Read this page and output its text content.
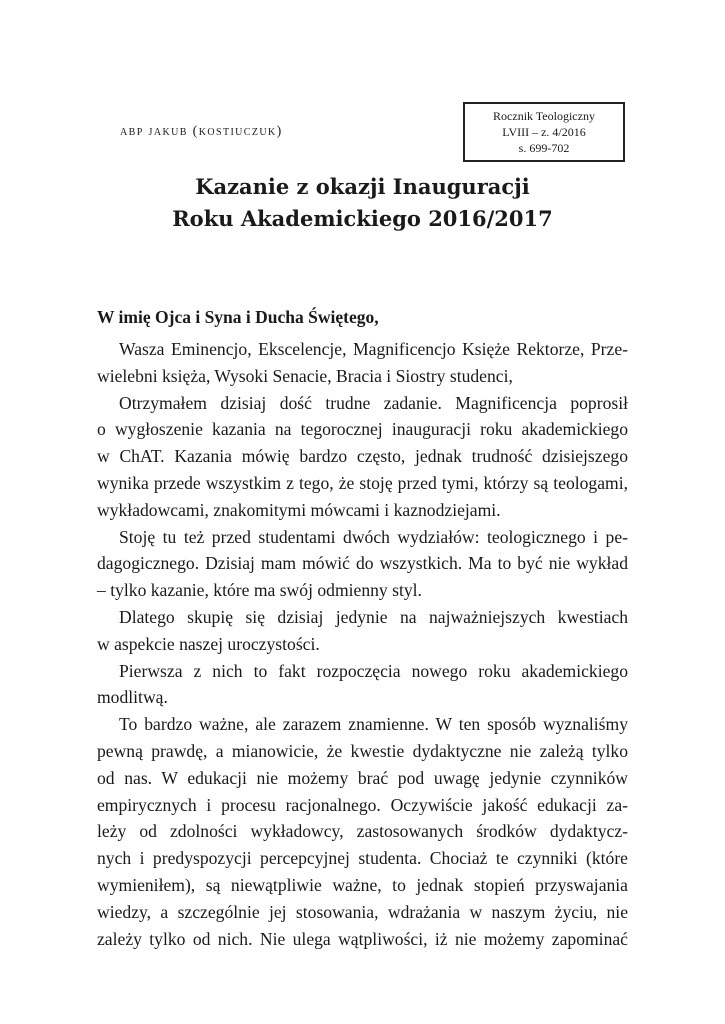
Rocznik Teologiczny
LVIII – z. 4/2016
s. 699-702
abp jakub (kostiuczuk)
Kazanie z okazji Inauguracji
Roku Akademickiego 2016/2017
W imię Ojca i Syna i Ducha Świętego,
Wasza Eminencjo, Ekscelencje, Magnificencjo Księże Rektorze, Prze-
wielebni księża, Wysoki Senacie, Bracia i Siostry studenci,
Otrzymałem dzisiaj dość trudne zadanie. Magnificencja poprosił
o wygłoszenie kazania na tegorocznej inauguracji roku akademickiego
w ChAT. Kazania mówię bardzo często, jednak trudność dzisiejszego
wynika przede wszystkim z tego, że stoję przed tymi, którzy są teologami,
wykładowcami, znakomitymi mówcami i kaznodziejami.
Stoję tu też przed studentami dwóch wydziałów: teologicznego i pe-
dagogicznego. Dzisiaj mam mówić do wszystkich. Ma to być nie wykład
– tylko kazanie, które ma swój odmienny styl.
Dlatego skupię się dzisiaj jedynie na najważniejszych kwestiach
w aspekcie naszej uroczystości.
Pierwsza z nich to fakt rozpoczęcia nowego roku akademickiego
modlitwą.
To bardzo ważne, ale zarazem znamienne. W ten sposób wyznaliśmy
pewną prawdę, a mianowicie, że kwestie dydaktyczne nie zależą tylko
od nas. W edukacji nie możemy brać pod uwagę jedynie czynników
empirycznych i procesu racjonalnego. Oczywiście jakość edukacji za-
leży od zdolności wykładowcy, zastosowanych środków dydaktycz-
nych i predyspozycji percepcyjnej studenta. Chociaż te czynniki (które
wymieniłem), są niewątpliwie ważne, to jednak stopień przyswajania
wiedzy, a szczególnie jej stosowania, wdrażania w naszym życiu, nie
zależy tylko od nich. Nie ulega wątpliwości, iż nie możemy zapominać
